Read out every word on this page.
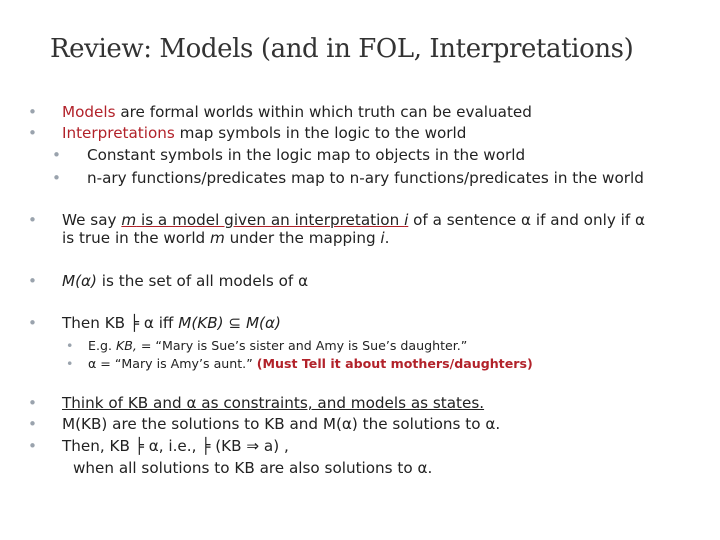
Review: Models (and in FOL, Interpretations)
• Models are formal worlds within which truth can be evaluated
• Interpretations map symbols in the logic to the world
• Constant symbols in the logic map to objects in the world
• n-ary functions/predicates map to n-ary functions/predicates in the world
• We say m is a model given an interpretation i of a sentence α if and only if α
is true in the world m under the mapping i.
• M(α) is the set of all models of α
• Then KB ╞ α iff M(KB) ⊆ M(α)
• E.g. KB, = “Mary is Sue’s sister and Amy is Sue’s daughter.”
• α = “Mary is Amy’s aunt.” (Must Tell it about mothers/daughters)
• Think of KB and α as constraints, and models as states.
• M(KB) are the solutions to KB and M(α) the solutions to α.
• Then, KB ╞ α, i.e., ╞ (KB ⇒ a) ,
when all solutions to KB are also solutions to α.
